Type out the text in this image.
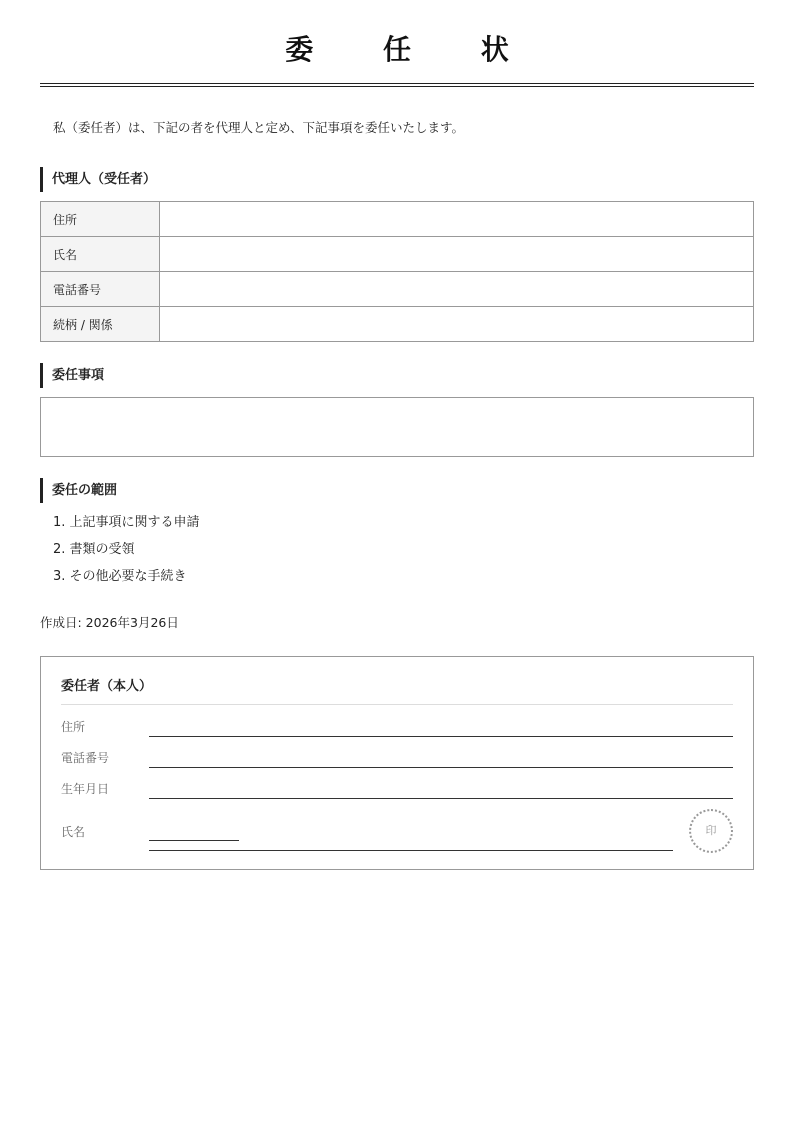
委 任 状
私（委任者）は、下記の者を代理人と定め、下記事項を委任いたします。
代理人（受任者）
住所	
氏名	
電話番号	
続柄 / 関係	
委任事項
委任の範囲
1. 上記事項に関する申請
2. 書類の受領
3. その他必要な手続き
作成日: 2026年3月26日
委任者（本人）
住所
電話番号
生年月日
氏名	印
